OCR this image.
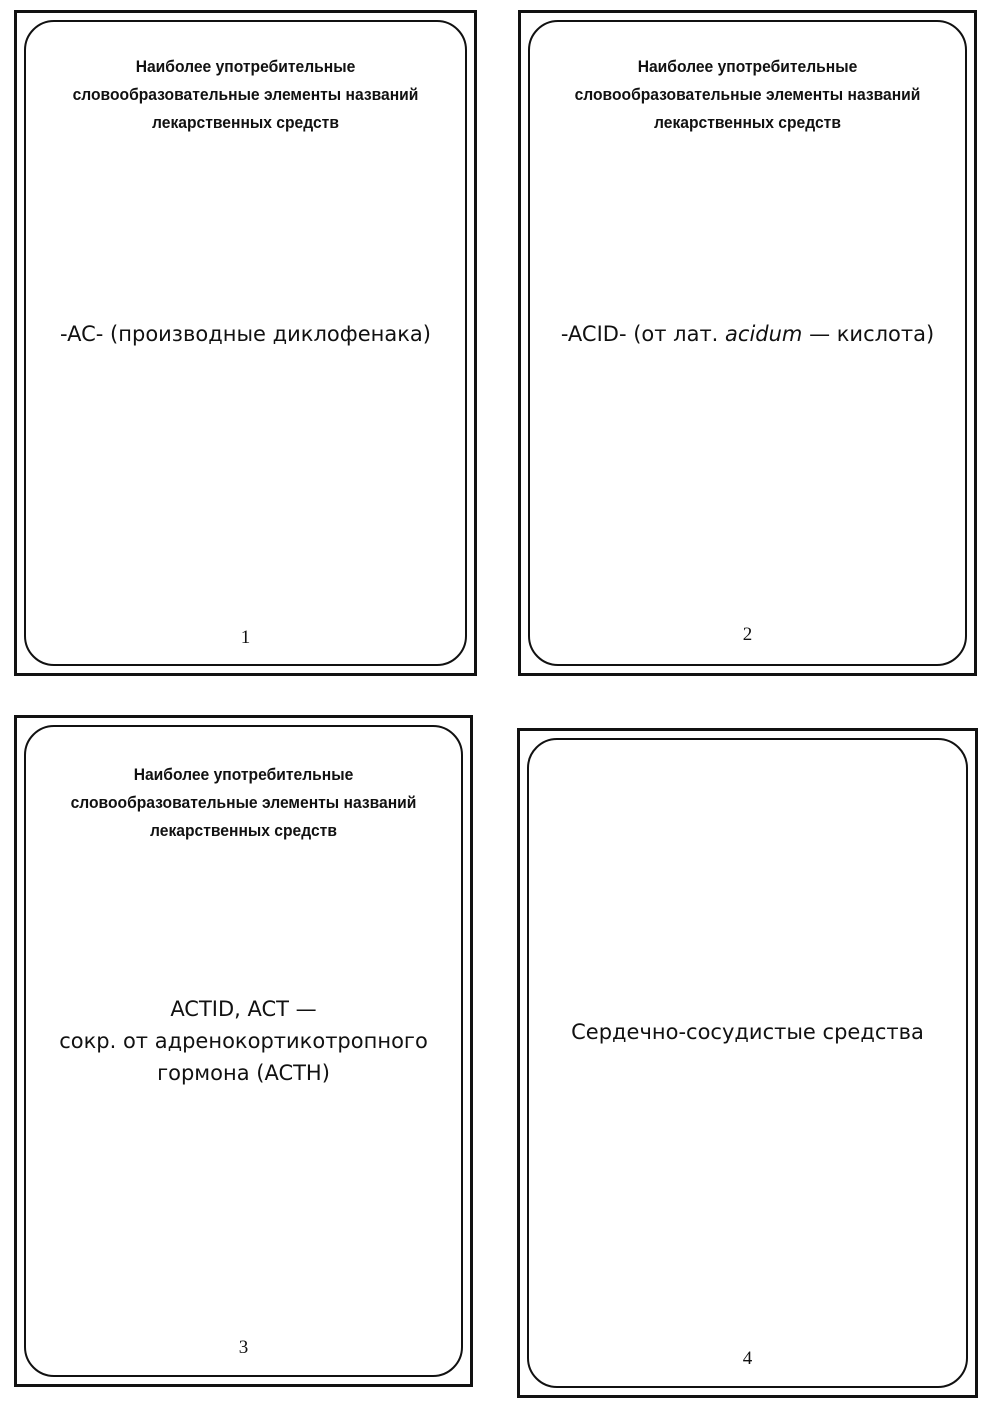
Наиболее употребительные
словообразовательные элементы названий
лекарственных средств
-AC- (производные диклофенака)
1
Наиболее употребительные
словообразовательные элементы названий
лекарственных средств
-ACID- (от лат. acidum — кислота)
2
Наиболее употребительные
словообразовательные элементы названий
лекарственных средств
ACTID, ACT —
сокр. от адренокортикотропного
гормона (ACTH)
3
Сердечно-сосудистые средства
4
